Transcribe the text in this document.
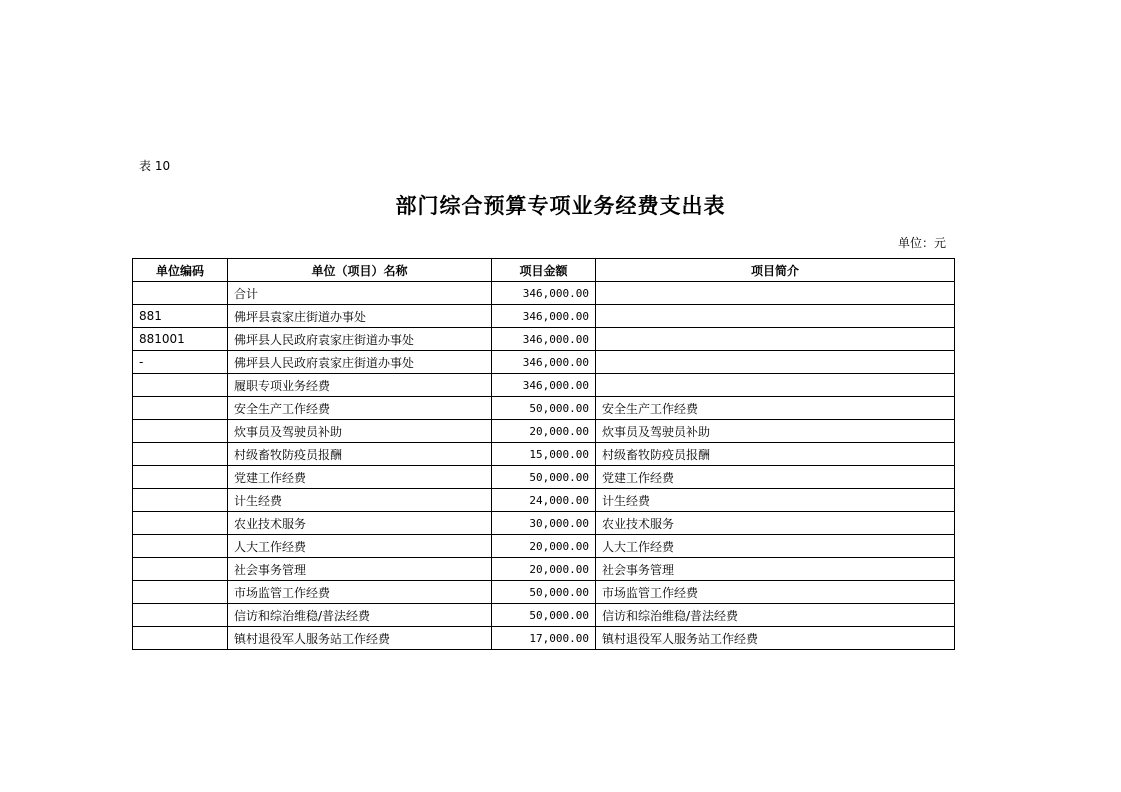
表 10
部门综合预算专项业务经费支出表
单位：元
单位编码	单位（项目）名称	项目金额	项目简介
	合计	346,000.00	
881	佛坪县袁家庄街道办事处	346,000.00	
881001	佛坪县人民政府袁家庄街道办事处	346,000.00	
-	佛坪县人民政府袁家庄街道办事处	346,000.00	
	履职专项业务经费	346,000.00	
	安全生产工作经费	50,000.00	安全生产工作经费
	炊事员及驾驶员补助	20,000.00	炊事员及驾驶员补助
	村级畜牧防疫员报酬	15,000.00	村级畜牧防疫员报酬
	党建工作经费	50,000.00	党建工作经费
	计生经费	24,000.00	计生经费
	农业技术服务	30,000.00	农业技术服务
	人大工作经费	20,000.00	人大工作经费
	社会事务管理	20,000.00	社会事务管理
	市场监管工作经费	50,000.00	市场监管工作经费
	信访和综治维稳/普法经费	50,000.00	信访和综治维稳/普法经费
	镇村退役军人服务站工作经费	17,000.00	镇村退役军人服务站工作经费
